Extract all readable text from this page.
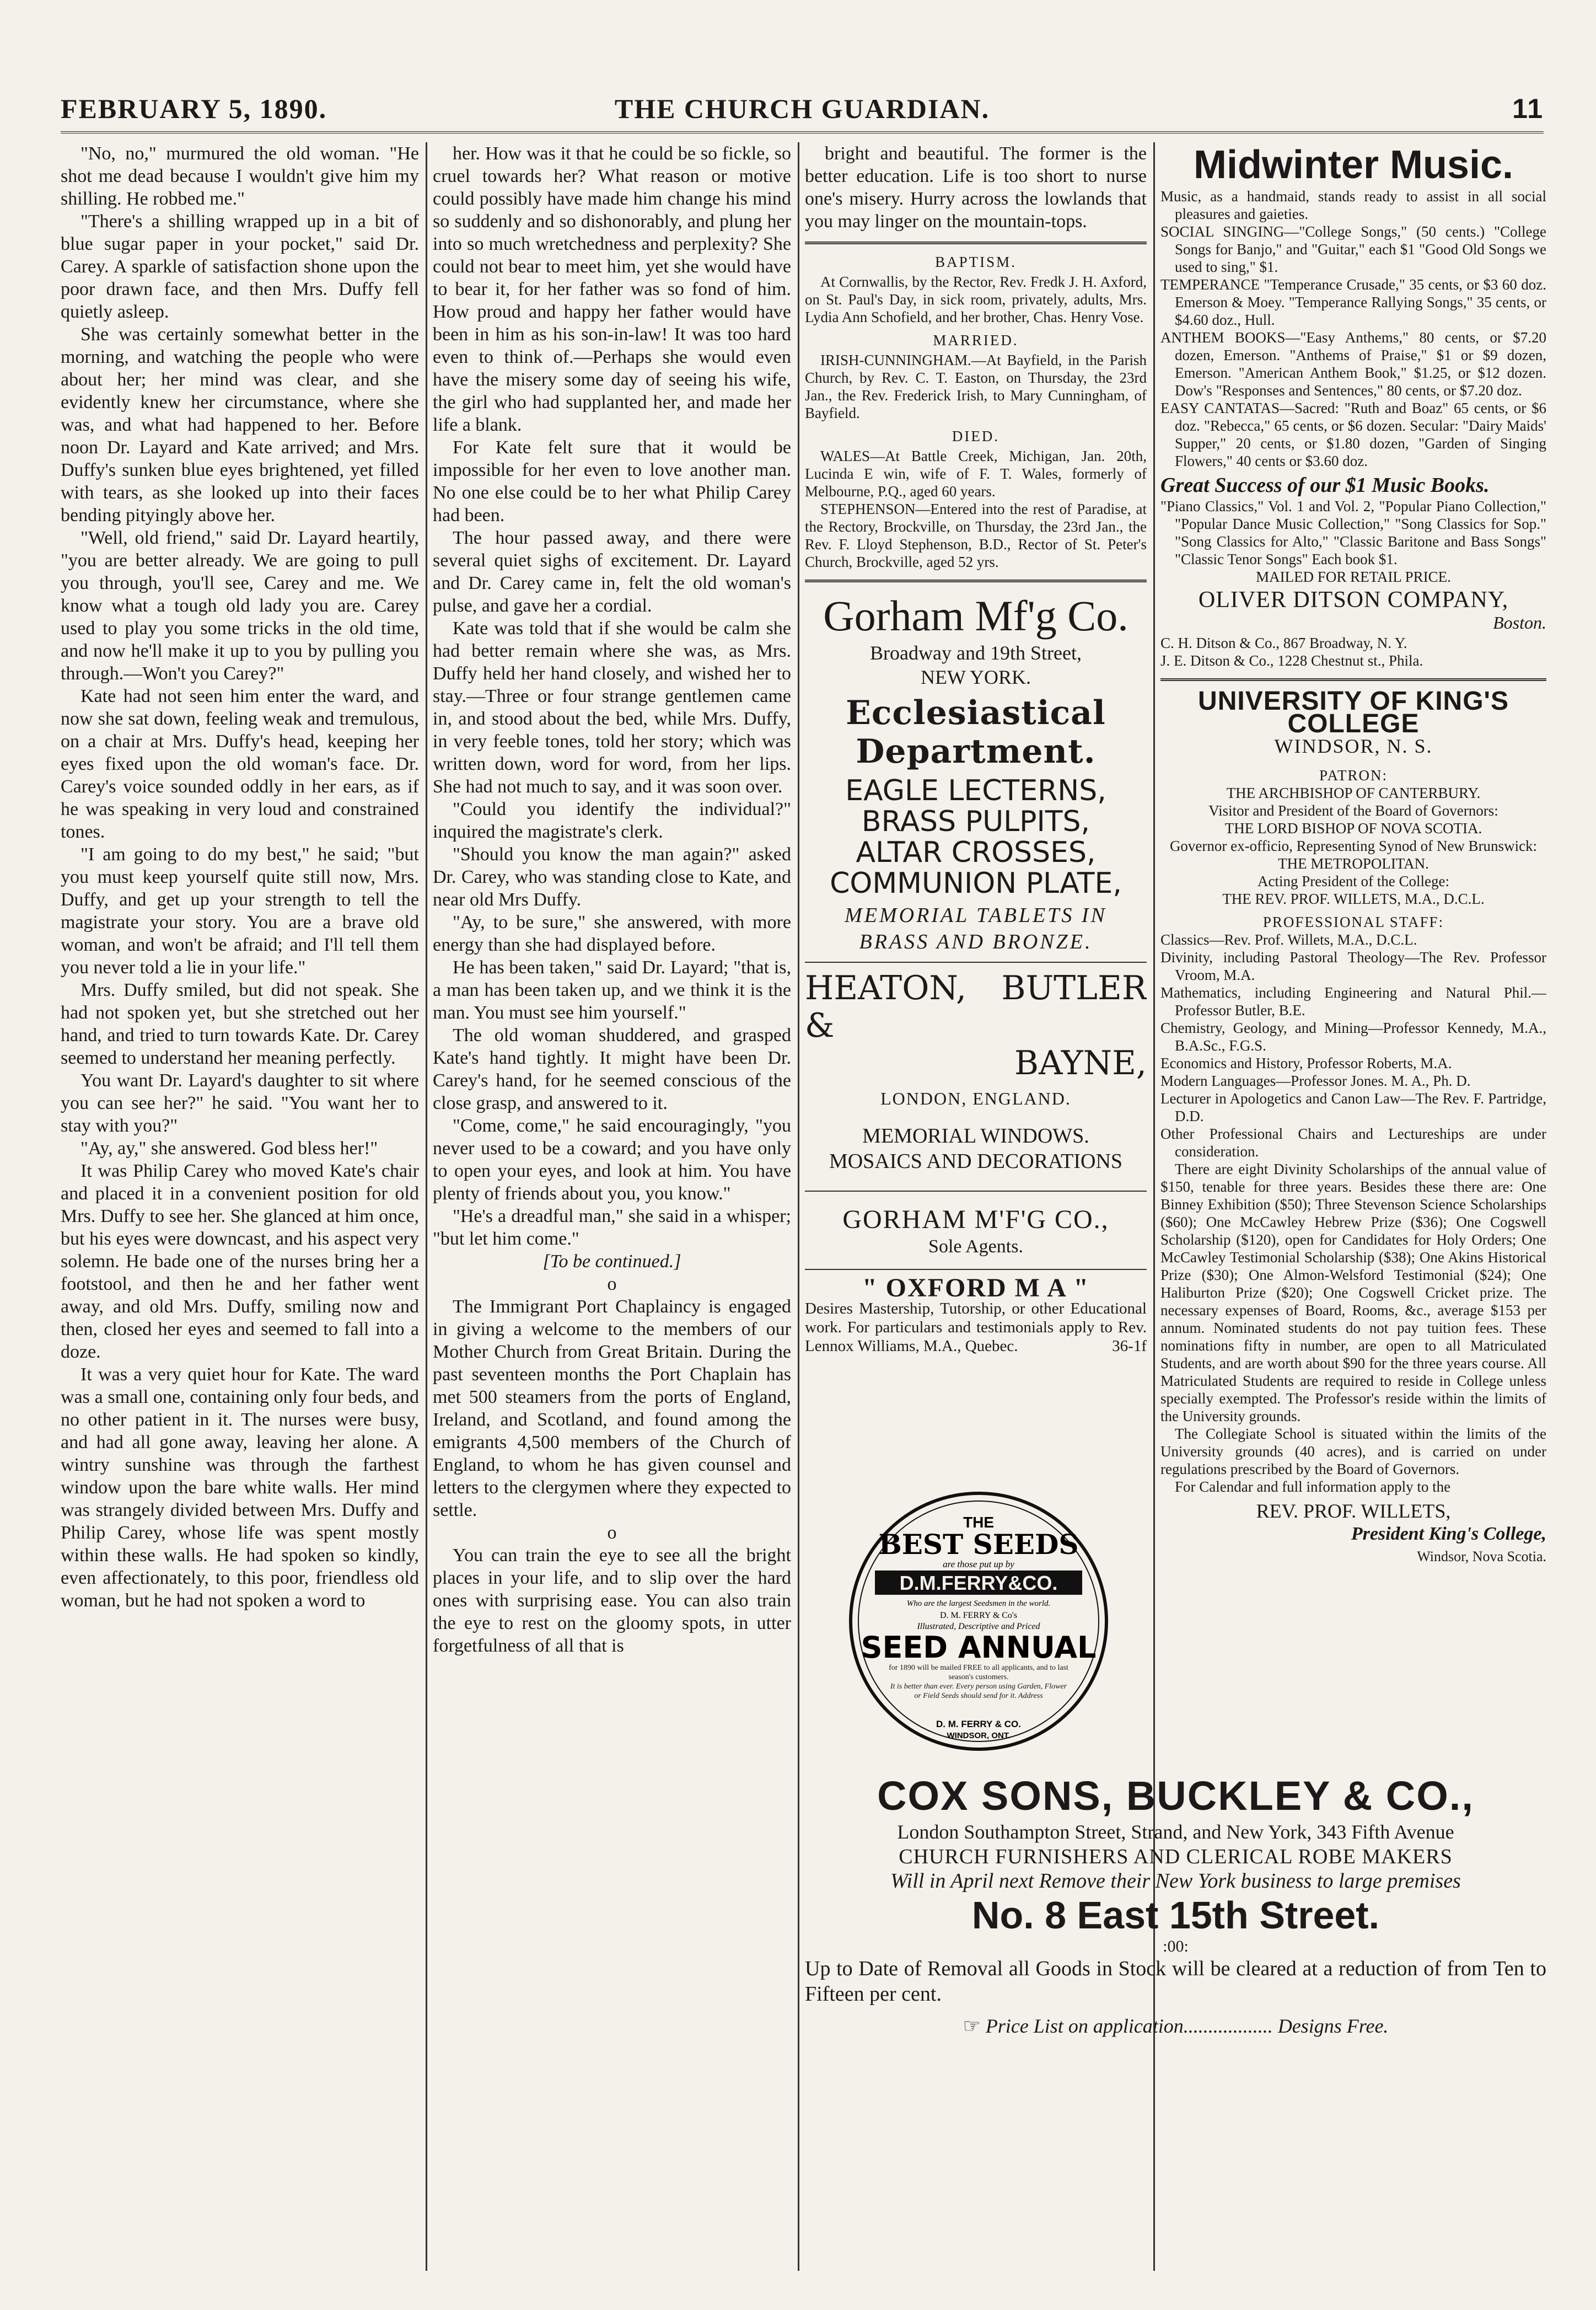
FEBRUARY 5, 1890.	THE CHURCH GUARDIAN.	11

"No, no," murmured the old woman. "He shot me dead because I wouldn't give him my shilling. He robbed me."

"There's a shilling wrapped up in a bit of blue sugar paper in your pocket," said Dr. Carey. A sparkle of satisfaction shone upon the poor drawn face, and then Mrs. Duffy fell quietly asleep.

She was certainly somewhat better in the morning, and watching the people who were about her; her mind was clear, and she evidently knew her circumstance, where she was, and what had happened to her. Before noon Dr. Layard and Kate arrived; and Mrs. Duffy's sunken blue eyes brightened, yet filled with tears, as she looked up into their faces bending pityingly above her.

"Well, old friend," said Dr. Layard heartily, "you are better already. We are going to pull you through, you'll see, Carey and me. We know what a tough old lady you are. Carey used to play you some tricks in the old time, and now he'll make it up to you by pulling you through.—Won't you Carey?"

Kate had not seen him enter the ward, and now she sat down, feeling weak and tremulous, on a chair at Mrs. Duffy's head, keeping her eyes fixed upon the old woman's face. Dr. Carey's voice sounded oddly in her ears, as if he was speaking in very loud and constrained tones.

"I am going to do my best," he said; "but you must keep yourself quite still now, Mrs. Duffy, and get up your strength to tell the magistrate your story. You are a brave old woman, and won't be afraid; and I'll tell them you never told a lie in your life."

Mrs. Duffy smiled, but did not speak. She had not spoken yet, but she stretched out her hand, and tried to turn towards Kate. Dr. Carey seemed to understand her meaning perfectly.

You want Dr. Layard's daughter to sit where you can see her?" he said. "You want her to stay with you?"

"Ay, ay," she answered. God bless her!"

It was Philip Carey who moved Kate's chair and placed it in a convenient position for old Mrs. Duffy to see her. She glanced at him once, but his eyes were downcast, and his aspect very solemn. He bade one of the nurses bring her a footstool, and then he and her father went away, and old Mrs. Duffy, smiling now and then, closed her eyes and seemed to fall into a doze.

It was a very quiet hour for Kate. The ward was a small one, containing only four beds, and no other patient in it. The nurses were busy, and had all gone away, leaving her alone. A wintry sunshine was through the farthest window upon the bare white walls. Her mind was strangely divided between Mrs. Duffy and Philip Carey, whose life was spent mostly within these walls. He had spoken so kindly, even affectionately, to this poor, friendless old woman, but he had not spoken a word to

her. How was it that he could be so fickle, so cruel towards her? What reason or motive could possibly have made him change his mind so suddenly and so dishonorably, and plung her into so much wretchedness and perplexity? She could not bear to meet him, yet she would have to bear it, for her father was so fond of him. How proud and happy her father would have been in him as his son-in-law! It was too hard even to think of.—Perhaps she would even have the misery some day of seeing his wife, the girl who had supplanted her, and made her life a blank.

For Kate felt sure that it would be impossible for her even to love another man. No one else could be to her what Philip Carey had been.

The hour passed away, and there were several quiet sighs of excitement. Dr. Layard and Dr. Carey came in, felt the old woman's pulse, and gave her a cordial.

Kate was told that if she would be calm she had better remain where she was, as Mrs. Duffy held her hand closely, and wished her to stay.—Three or four strange gentlemen came in, and stood about the bed, while Mrs. Duffy, in very feeble tones, told her story; which was written down, word for word, from her lips. She had not much to say, and it was soon over.

"Could you identify the individual?" inquired the magistrate's clerk.

"Should you know the man again?" asked Dr. Carey, who was standing close to Kate, and near old Mrs Duffy.

"Ay, to be sure," she answered, with more energy than she had displayed before.

He has been taken," said Dr. Layard; "that is, a man has been taken up, and we think it is the man. You must see him yourself."

The old woman shuddered, and grasped Kate's hand tightly. It might have been Dr. Carey's hand, for he seemed conscious of the close grasp, and answered to it.

"Come, come," he said encouragingly, "you never used to be a coward; and you have only to open your eyes, and look at him. You have plenty of friends about you, you know."

"He's a dreadful man," she said in a whisper; "but let him come."

[To be continued.]

o

The Immigrant Port Chaplaincy is engaged in giving a welcome to the members of our Mother Church from Great Britain. During the past seventeen months the Port Chaplain has met 500 steamers from the ports of England, Ireland, and Scotland, and found among the emigrants 4,500 members of the Church of England, to whom he has given counsel and letters to the clergymen where they expected to settle.

o

You can train the eye to see all the bright places in your life, and to slip over the hard ones with surprising ease. You can also train the eye to rest on the gloomy spots, in utter forgetfulness of all that is

bright and beautiful. The former is the better education. Life is too short to nurse one's misery. Hurry across the lowlands that you may linger on the mountain-tops.

BAPTISM.

At Cornwallis, by the Rector, Rev. Fredk J. H. Axford, on St. Paul's Day, in sick room, privately, adults, Mrs. Lydia Ann Schofield, and her brother, Chas. Henry Vose.

MARRIED.

IRISH-CUNNINGHAM.—At Bayfield, in the Parish Church, by Rev. C. T. Easton, on Thursday, the 23rd Jan., the Rev. Frederick Irish, to Mary Cunningham, of Bayfield.

DIED.

WALES—At Battle Creek, Michigan, Jan. 20th, Lucinda E win, wife of F. T. Wales, formerly of Melbourne, P.Q., aged 60 years.

STEPHENSON—Entered into the rest of Paradise, at the Rectory, Brockville, on Thursday, the 23rd Jan., the Rev. F. Lloyd Stephenson, B.D., Rector of St. Peter's Church, Brockville, aged 52 yrs.

Gorham Mf'g Co.
Broadway and 19th Street,
NEW YORK.
Ecclesiastical Department.
EAGLE LECTERNS,
BRASS PULPITS,
ALTAR CROSSES,
COMMUNION PLATE,
MEMORIAL TABLETS IN
BRASS AND BRONZE.
HEATON, BUTLER &
BAYNE,
LONDON, ENGLAND.
MEMORIAL WINDOWS.
MOSAICS AND DECORATIONS
GORHAM M'F'G CO.,
Sole Agents.
" OXFORD M A "
Desires Mastership, Tutorship, or other Educational work. For particulars and testimonials apply to Rev. Lennox Williams, M.A., Quebec.	36-1f
THE
BEST SEEDS
are those put up by
D.M.FERRY&CO.
Who are the largest Seedsmen in the world.
D. M. FERRY & Co's
Illustrated, Descriptive and Priced
SEED ANNUAL
for 1890 will be mailed FREE to all applicants, and to last season's customers.
It is better than ever. Every person using Garden, Flower or Field Seeds should send for it. Address
D. M. FERRY & CO.
WINDSOR, ONT.
Midwinter Music.

Music, as a handmaid, stands ready to assist in all social pleasures and gaieties.

SOCIAL SINGING—"College Songs," (50 cents.) "College Songs for Banjo," and "Guitar," each $1 "Good Old Songs we used to sing," $1.

TEMPERANCE "Temperance Crusade," 35 cents, or $3 60 doz. Emerson & Moey. "Temperance Rallying Songs," 35 cents, or $4.60 doz., Hull.

ANTHEM BOOKS—"Easy Anthems," 80 cents, or $7.20 dozen, Emerson. "Anthems of Praise," $1 or $9 dozen, Emerson. "American Anthem Book," $1.25, or $12 dozen. Dow's "Responses and Sentences," 80 cents, or $7.20 doz.

EASY CANTATAS—Sacred: "Ruth and Boaz" 65 cents, or $6 doz. "Rebecca," 65 cents, or $6 dozen. Secular: "Dairy Maids' Supper," 20 cents, or $1.80 dozen, "Garden of Singing Flowers," 40 cents or $3.60 doz.

Great Success of our $1 Music Books.

"Piano Classics," Vol. 1 and Vol. 2, "Popular Piano Collection," "Popular Dance Music Collection," "Song Classics for Sop." "Song Classics for Alto," "Classic Baritone and Bass Songs" "Classic Tenor Songs" Each book $1.

MAILED FOR RETAIL PRICE.

OLIVER DITSON COMPANY,
Boston.

C. H. Ditson & Co., 867 Broadway, N. Y.

J. E. Ditson & Co., 1228 Chestnut st., Phila.

UNIVERSITY OF KING'S COLLEGE
WINDSOR, N. S.
PATRON:
THE ARCHBISHOP OF CANTERBURY.
Visitor and President of the Board of Governors:
THE LORD BISHOP OF NOVA SCOTIA.
Governor ex-officio, Representing Synod of New Brunswick:
THE METROPOLITAN.
Acting President of the College:
THE REV. PROF. WILLETS, M.A., D.C.L.
PROFESSIONAL STAFF:

Classics—Rev. Prof. Willets, M.A., D.C.L.

Divinity, including Pastoral Theology—The Rev. Professor Vroom, M.A.

Mathematics, including Engineering and Natural Phil.—Professor Butler, B.E.

Chemistry, Geology, and Mining—Professor Kennedy, M.A., B.A.Sc., F.G.S.

Economics and History, Professor Roberts, M.A.

Modern Languages—Professor Jones. M. A., Ph. D.

Lecturer in Apologetics and Canon Law—The Rev. F. Partridge, D.D.

Other Professional Chairs and Lectureships are under consideration.

There are eight Divinity Scholarships of the annual value of $150, tenable for three years. Besides these there are: One Binney Exhibition ($50); Three Stevenson Science Scholarships ($60); One McCawley Hebrew Prize ($36); One Cogswell Scholarship ($120), open for Candidates for Holy Orders; One McCawley Testimonial Scholarship ($38); One Akins Historical Prize ($30); One Almon-Welsford Testimonial ($24); One Haliburton Prize ($20); One Cogswell Cricket prize. The necessary expenses of Board, Rooms, &c., average $153 per annum. Nominated students do not pay tuition fees. These nominations fifty in number, are open to all Matriculated Students, and are worth about $90 for the three years course. All Matriculated Students are required to reside in College unless specially exempted. The Professor's reside within the limits of the University grounds.

The Collegiate School is situated within the limits of the University grounds (40 acres), and is carried on under regulations prescribed by the Board of Governors.

For Calendar and full information apply to the

REV. PROF. WILLETS,
President King's College,
Windsor, Nova Scotia.
COX SONS, BUCKLEY & CO.,
London Southampton Street, Strand, and New York, 343 Fifth Avenue
CHURCH FURNISHERS AND CLERICAL ROBE MAKERS
Will in April next Remove their New York business to large premises
No. 8 East 15th Street.
:00:
Up to Date of Removal all Goods in Stock will be cleared at a reduction of from Ten to Fifteen per cent.
☞ Price List on application.................. Designs Free.
